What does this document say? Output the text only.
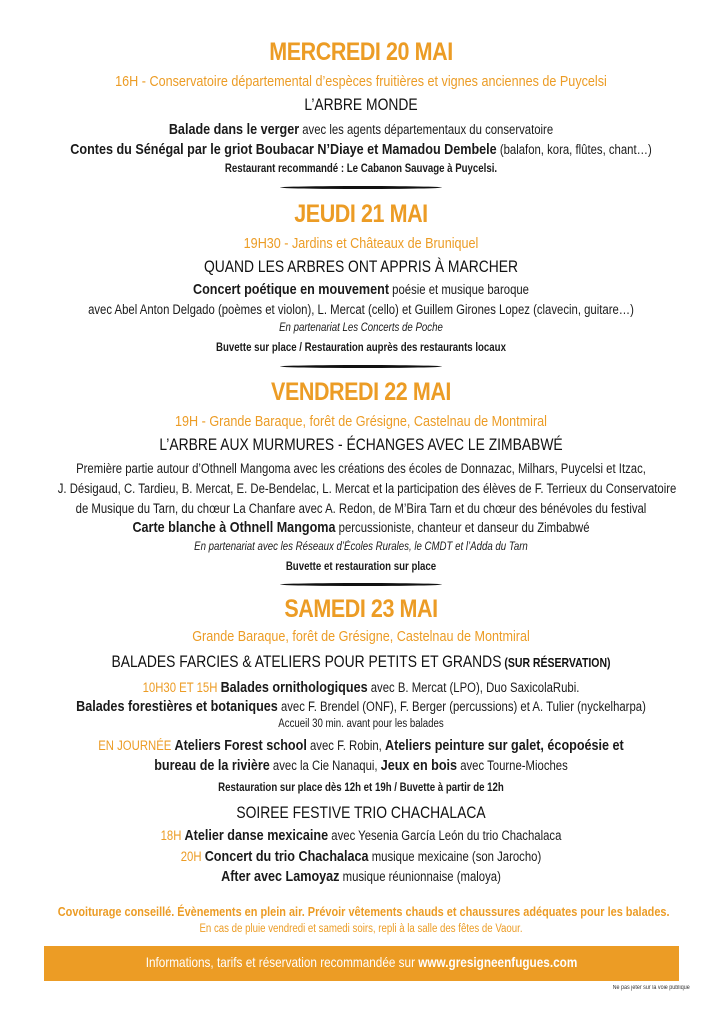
MERCREDI 20 MAI
16H - Conservatoire départemental d’espèces fruitières et vignes anciennes de Puycelsi
L’ARBRE MONDE
Balade dans le verger avec les agents départementaux du conservatoire
Contes du Sénégal par le griot Boubacar N’Diaye et Mamadou Dembele (balafon, kora, flûtes, chant…)
Restaurant recommandé : Le Cabanon Sauvage à Puycelsi.
JEUDI 21 MAI
19H30 - Jardins et Châteaux de Bruniquel
QUAND LES ARBRES ONT APPRIS À MARCHER
Concert poétique en mouvement poésie et musique baroque
avec Abel Anton Delgado (poèmes et violon), L. Mercat (cello) et Guillem Girones Lopez (clavecin, guitare…)
En partenariat Les Concerts de Poche
Buvette sur place / Restauration auprès des restaurants locaux
VENDREDI 22 MAI
19H - Grande Baraque, forêt de Grésigne, Castelnau de Montmiral
L’ARBRE AUX MURMURES - ÉCHANGES AVEC LE ZIMBABWÉ
Première partie autour d’Othnell Mangoma avec les créations des écoles de Donnazac, Milhars, Puycelsi et Itzac,
J. Désigaud, C. Tardieu, B. Mercat, E. De-Bendelac, L. Mercat et la participation des élèves de F. Terrieux du Conservatoire
de Musique du Tarn, du chœur La Chanfare avec A. Redon, de M’Bira Tarn et du chœur des bénévoles du festival
Carte blanche à Othnell Mangoma percussioniste, chanteur et danseur du Zimbabwé
En partenariat avec les Réseaux d’Écoles Rurales, le CMDT et l’Adda du Tarn
Buvette et restauration sur place
SAMEDI 23 MAI
Grande Baraque, forêt de Grésigne, Castelnau de Montmiral
BALADES FARCIES & ATELIERS POUR PETITS ET GRANDS (SUR RÉSERVATION)
10H30 ET 15H Balades ornithologiques avec B. Mercat (LPO), Duo SaxicolaRubi.
Balades forestières et botaniques avec F. Brendel (ONF), F. Berger (percussions) et A. Tulier (nyckelharpa)
Accueil 30 min. avant pour les balades
EN JOURNÉE Ateliers Forest school avec F. Robin, Ateliers peinture sur galet, écopoésie et
bureau de la rivière avec la Cie Nanaqui, Jeux en bois avec Tourne-Mioches
Restauration sur place dès 12h et 19h / Buvette à partir de 12h
SOIREE FESTIVE TRIO CHACHALACA
18H Atelier danse mexicaine avec Yesenia García León du trio Chachalaca
20H Concert du trio Chachalaca musique mexicaine (son Jarocho)
After avec Lamoyaz musique réunionnaise (maloya)
Covoiturage conseillé. Évènements en plein air. Prévoir vêtements chauds et chaussures adéquates pour les balades.
En cas de pluie vendredi et samedi soirs, repli à la salle des fêtes de Vaour.
Informations, tarifs et réservation recommandée sur www.gresigneenfugues.com
Ne pas jeter sur la voie publique
